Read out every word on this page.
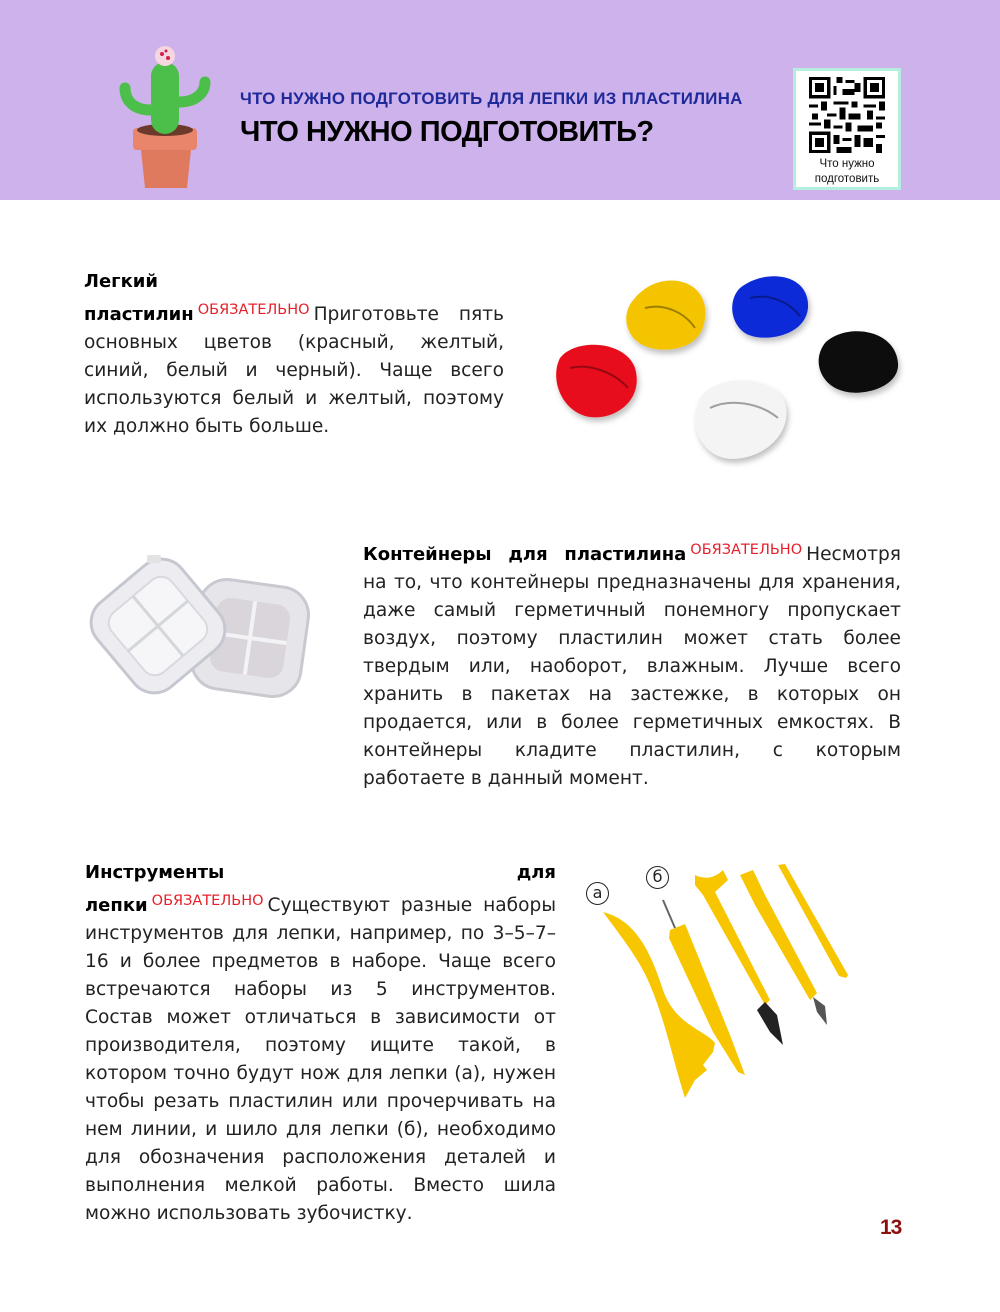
ЧТО НУЖНО ПОДГОТОВИТЬ ДЛЯ ЛЕПКИ ИЗ ПЛАСТИЛИНА
ЧТО НУЖНО ПОДГОТОВИТЬ?
Что нужно
подготовить
Легкий пластилин $^{ОБЯЗАТЕЛЬНО}$ Приготовьте пять основных цветов (красный, желтый, синий, белый и черный). Чаще всего используются белый и желтый, поэтому их должно быть больше.
Контейнеры для пластилина $^{ОБЯЗАТЕЛЬНО}$ Несмотря на то, что контейнеры предназначены для хранения, даже самый герметичный понемногу пропускает воздух, поэтому пластилин может стать более твердым или, наоборот, влажным. Лучше всего хранить в пакетах на застежке, в которых он продается, или в более герметичных емкостях. В контейнеры кладите пластилин, с которым работаете в данный момент.
Инструменты для лепки $^{ОБЯЗАТЕЛЬНО}$ Существуют разные наборы инструментов для лепки, например, по 3–5–7–16 и более предметов в наборе. Чаще всего встречаются наборы из 5 инструментов. Состав может отличаться в зависимости от производителя, поэтому ищите такой, в котором точно будут нож для лепки (а), нужен чтобы резать пластилин или прочерчивать на нем линии, и шило для лепки (б), необходимо для обозначения расположения деталей и выполнения мелкой работы. Вместо шила можно использовать зубочистку.
а
б
13
